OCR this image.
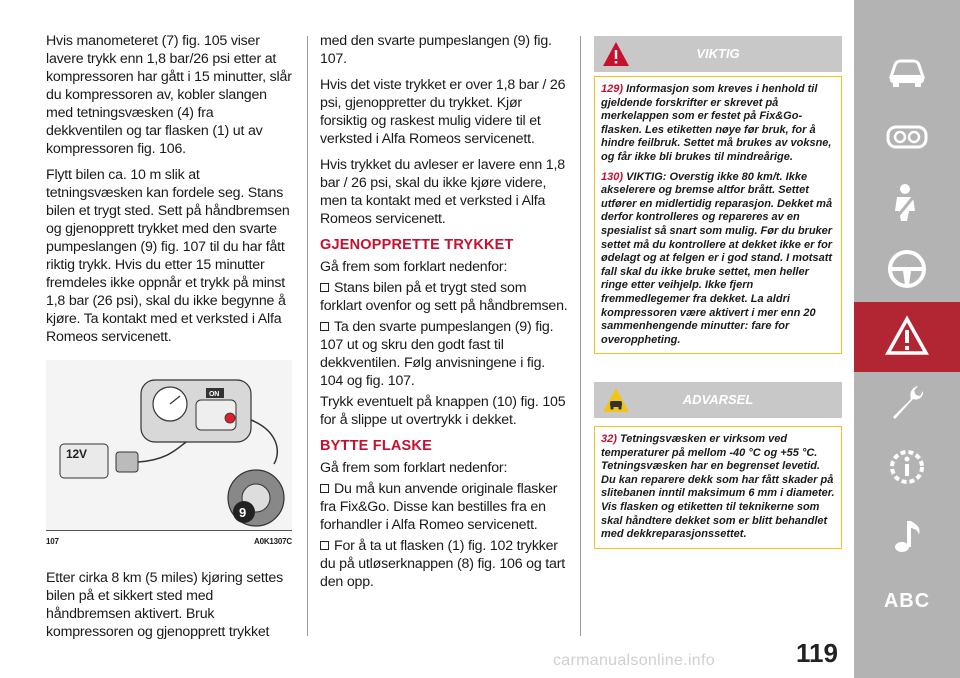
Hvis manometeret (7) fig. 105 viser lavere trykk enn 1,8 bar/26 psi etter at kompressoren har gått i 15 minutter, slår du kompressoren av, kobler slangen med tetningsvæsken (4) fra dekkventilen og tar flasken (1) ut av kompressoren fig. 106.

Flytt bilen ca. 10 m slik at tetningsvæsken kan fordele seg. Stans bilen et trygt sted. Sett på håndbremsen og gjenopprett trykket med den svarte pumpeslangen (9) fig. 107 til du har fått riktig trykk. Hvis du etter 15 minutter fremdeles ikke oppnår et trykk på minst 1,8 bar (26 psi), skal du ikke begynne å kjøre. Ta kontakt med et verksted i Alfa Romeos servicenett.

ON
12V
9
107	A0K1307C

Etter cirka 8 km (5 miles) kjøring settes bilen på et sikkert sted med håndbremsen aktivert. Bruk kompressoren og gjenopprett trykket

med den svarte pumpeslangen (9) fig. 107.

Hvis det viste trykket er over 1,8 bar / 26 psi, gjenoppretter du trykket. Kjør forsiktig og raskest mulig videre til et verksted i Alfa Romeos servicenett.

Hvis trykket du avleser er lavere enn 1,8 bar / 26 psi, skal du ikke kjøre videre, men ta kontakt med et verksted i Alfa Romeos servicenett.

GJENOPPRETTE TRYKKET

Gå frem som forklart nedenfor:

Stans bilen på et trygt sted som forklart ovenfor og sett på håndbremsen.

Ta den svarte pumpeslangen (9) fig. 107 ut og skru den godt fast til dekkventilen. Følg anvisningene i fig. 104 og fig. 107.

Trykk eventuelt på knappen (10) fig. 105 for å slippe ut overtrykk i dekket.

BYTTE FLASKE

Gå frem som forklart nedenfor:

Du må kun anvende originale flasker fra Fix&Go. Disse kan bestilles fra en forhandler i Alfa Romeo servicenett.

For å ta ut flasken (1) fig. 102 trykker du på utløserknappen (8) fig. 106 og tart den opp.

VIKTIG

129) Informasjon som kreves i henhold til gjeldende forskrifter er skrevet på merkelappen som er festet på Fix&Go-flasken. Les etiketten nøye før bruk, for å hindre feilbruk. Settet må brukes av voksne, og får ikke bli brukes til mindreårige.

130) VIKTIG: Overstig ikke 80 km/t. Ikke akselerere og bremse altfor brått. Settet utfører en midlertidig reparasjon. Dekket må derfor kontrolleres og repareres av en spesialist så snart som mulig. Før du bruker settet må du kontrollere at dekket ikke er for ødelagt og at felgen er i god stand. I motsatt fall skal du ikke bruke settet, men heller ringe etter veihjelp. Ikke fjern fremmedlegemer fra dekket. La aldri kompressoren være aktivert i mer enn 20 sammenhengende minutter: fare for overoppheting.

ADVARSEL

32) Tetningsvæsken er virksom ved temperaturer på mellom -40 °C og +55 °C. Tetningsvæsken har en begrenset levetid. Du kan reparere dekk som har fått skader på slitebanen inntil maksimum 6 mm i diameter. Vis flasken og etiketten til teknikerne som skal håndtere dekket som er blitt behandlet med dekkreparasjonssettet.

carmanualsonline.info	119
ABC
